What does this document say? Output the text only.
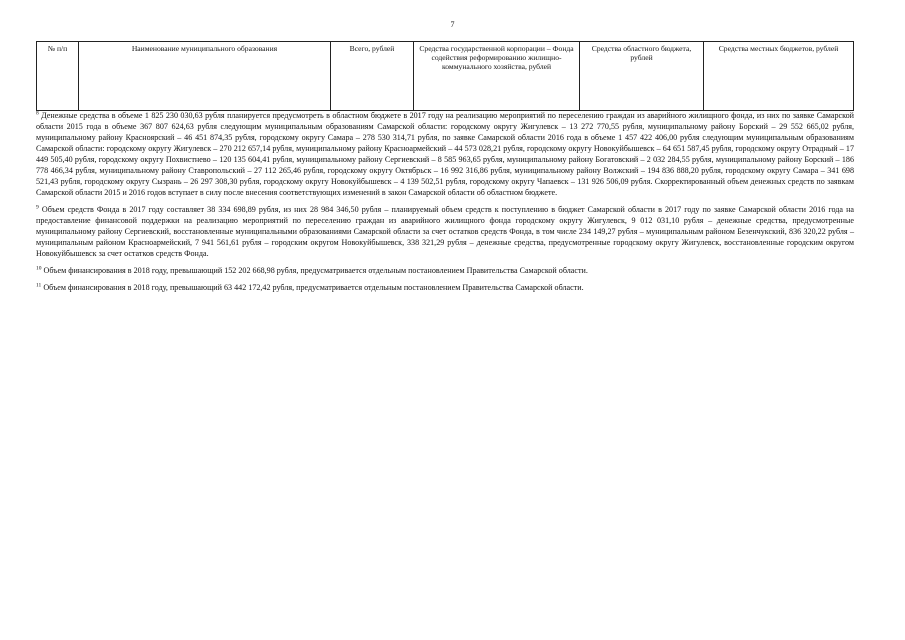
7
№ п/п	Наименование муниципального образования	Всего, рублей	Средства государственной корпорации – Фонда содействия реформированию жилищно-коммунального хозяйства, рублей	Средства областного бюджета, рублей	Средства местных бюджетов, рублей

$^8$ Денежные средства в объеме 1 825 230 030,63 рубля планируется предусмотреть в областном бюджете в 2017 году на реализацию мероприятий по переселению граждан из аварийного жилищного фонда, из них по заявке Самарской области 2015 года в объеме 367 807 624,63 рубля следующим муниципальным образованиям Самарской области: городскому округу Жигулевск – 13 272 770,55 рубля, муниципальному району Борский – 29 552 665,02 рубля, муниципальному району Красноярский – 46 451 874,35 рубля, городскому округу Самара – 278 530 314,71 рубля, по заявке Самарской области 2016 года в объеме 1 457 422 406,00 рубля следующим муниципальным образованиям Самарской области: городскому округу Жигулевск – 270 212 657,14 рубля, муниципальному району Красноармейский – 44 573 028,21 рубля, городскому округу Новокуйбышевск – 64 651 587,45 рубля, городскому округу Отрадный – 17 449 505,40 рубля, городскому округу Похвистнево – 120 135 604,41 рубля, муниципальному району Сергиевский – 8 585 963,65 рубля, муниципальному району Богатовский – 2 032 284,55 рубля, муниципальному району Борский – 186 778 466,34 рубля, муниципальному району Ставропольский – 27 112 265,46 рубля, городскому округу Октябрьск – 16 992 316,86 рубля, муниципальному району Волжский – 194 836 888,20 рубля, городскому округу Самара – 341 698 521,43 рубля, городскому округу Сызрань – 26 297 308,30 рубля, городскому округу Новокуйбышевск – 4 139 502,51 рубля, городскому округу Чапаевск – 131 926 506,09 рубля. Скорректированный объем денежных средств по заявкам Самарской области 2015 и 2016 годов вступает в силу после внесения соответствующих изменений в закон Самарской области об областном бюджете.

$^9$ Объем средств Фонда в 2017 году составляет 38 334 698,89 рубля, из них 28 984 346,50 рубля – планируемый объем средств к поступлению в бюджет Самарской области в 2017 году по заявке Самарской области 2016 года на предоставление финансовой поддержки на реализацию мероприятий по переселению граждан из аварийного жилищного фонда городскому округу Жигулевск, 9 012 031,10 рубля – денежные средства, предусмотренные муниципальному району Сергиевский, восстановленные муниципальными образованиями Самарской области за счет остатков средств Фонда, в том числе 234 149,27 рубля – муниципальным районом Безенчукский, 836 320,22 рубля – муниципальным районом Красноармейский, 7 941 561,61 рубля – городским округом Новокуйбышевск, 338 321,29 рубля – денежные средства, предусмотренные городскому округу Жигулевск, восстановленные городским округом Новокуйбышевск за счет остатков средств Фонда.

$^{10}$ Объем финансирования в 2018 году, превышающий 152 202 668,98 рубля, предусматривается отдельным постановлением Правительства Самарской области.

$^{11}$ Объем финансирования в 2018 году, превышающий 63 442 172,42 рубля, предусматривается отдельным постановлением Правительства Самарской области.
